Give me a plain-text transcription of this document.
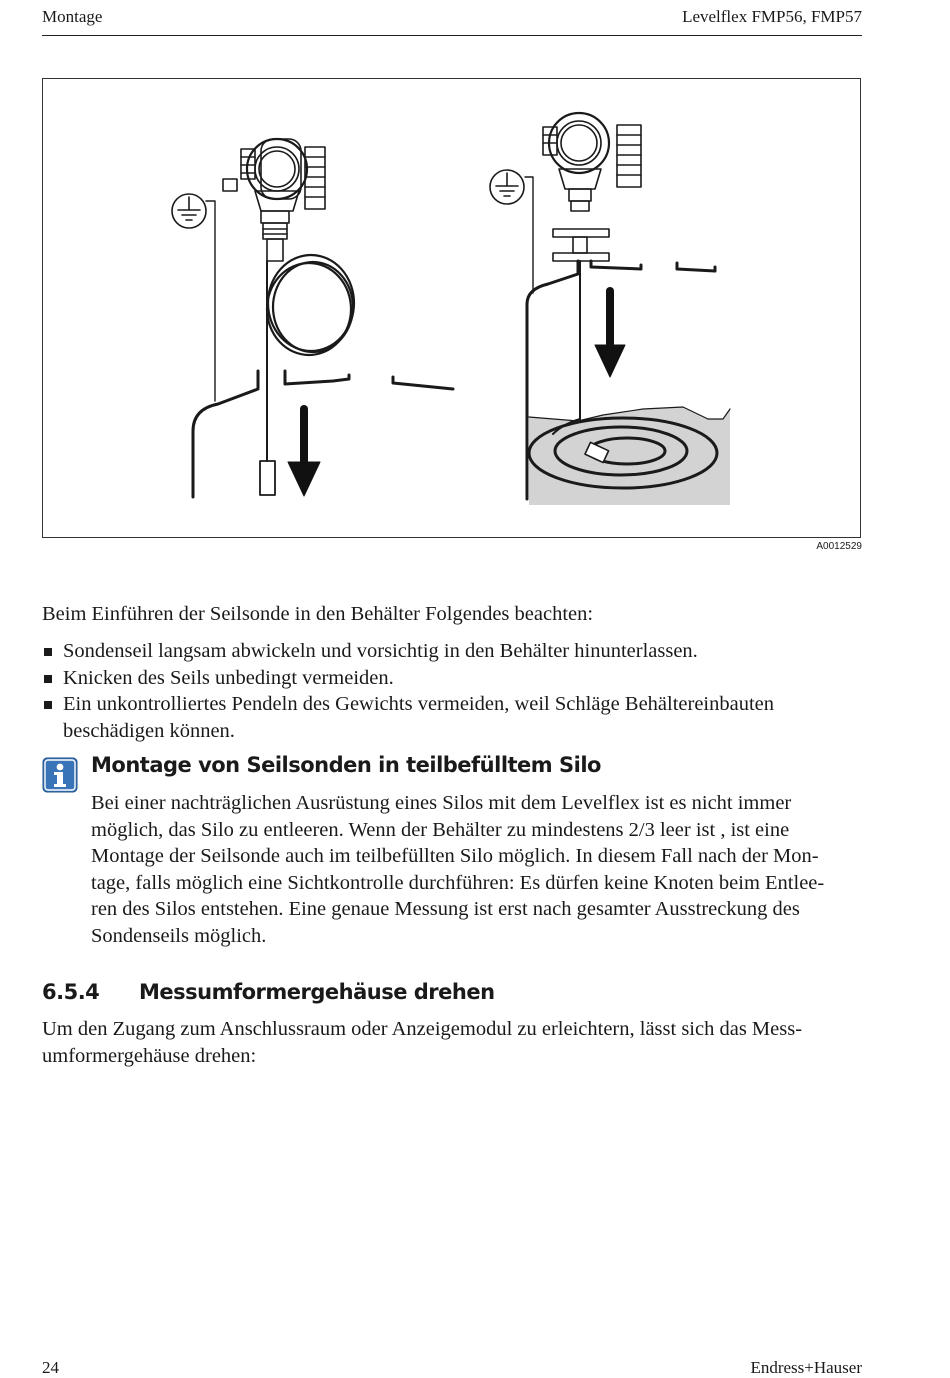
Montage	Levelflex FMP56, FMP57
A0012529
Beim Einführen der Seilsonde in den Behälter Folgendes beachten:
Sondenseil langsam abwickeln und vorsichtig in den Behälter hinunterlassen.
Knicken des Seils unbedingt vermeiden.
Ein unkontrolliertes Pendeln des Gewichts vermeiden, weil Schläge Behältereinbauten beschädigen können.
Montage von Seilsonden in teilbefülltem Silo
Bei einer nachträglichen Ausrüstung eines Silos mit dem Levelflex ist es nicht immer
möglich, das Silo zu entleeren. Wenn der Behälter zu mindestens 2/3 leer ist , ist eine
Montage der Seilsonde auch im teilbefüllten Silo möglich. In diesem Fall nach der Mon-
tage, falls möglich eine Sichtkontrolle durchführen: Es dürfen keine Knoten beim Entlee-
ren des Silos entstehen. Eine genaue Messung ist erst nach gesamter Ausstreckung des
Sondenseils möglich.
6.5.4 Messumformergehäuse drehen
Um den Zugang zum Anschlussraum oder Anzeigemodul zu erleichtern, lässt sich das Mess-
umformergehäuse drehen:
24	Endress+Hauser
